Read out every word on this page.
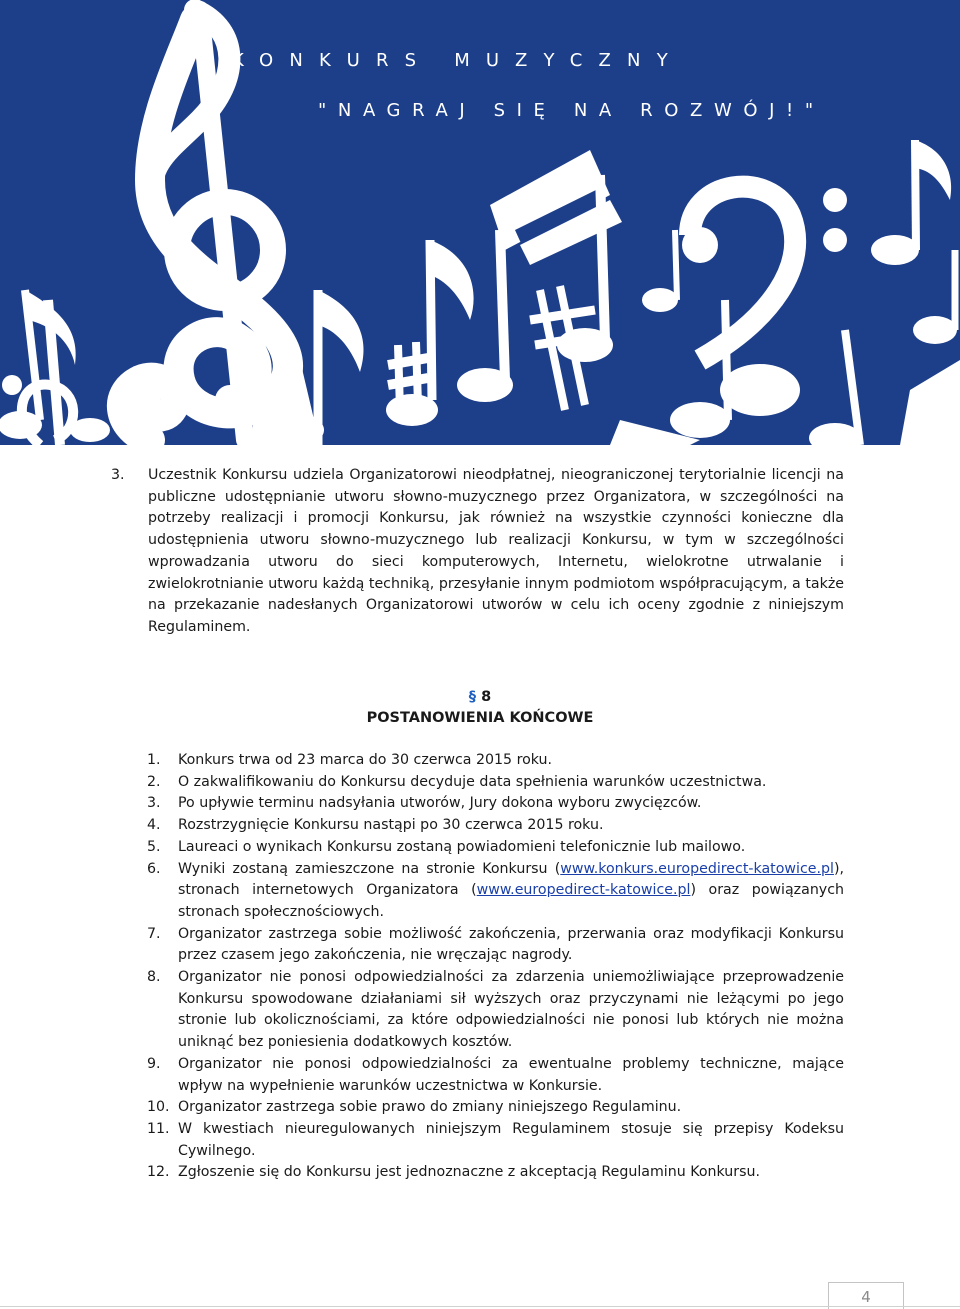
KONKURS MUZYCZNY
"NAGRAJ SIĘ NA ROZWÓJ!"
3. Uczestnik Konkursu udziela Organizatorowi nieodpłatnej, nieograniczonej terytorialnie licencji na publiczne udostępnianie utworu słowno-muzycznego przez Organizatora, w szczególności na potrzeby realizacji i promocji Konkursu, jak również na wszystkie czynności konieczne dla udostępnienia utworu słowno-muzycznego lub realizacji Konkursu, w tym w szczególności wprowadzania utworu do sieci komputerowych, Internetu, wielokrotne utrwalanie i zwielokrotnianie utworu każdą techniką, przesyłanie innym podmiotom współpracującym, a także na przekazanie nadesłanych Organizatorowi utworów w celu ich oceny zgodnie z niniejszym Regulaminem.
§ 8
POSTANOWIENIA KOŃCOWE
1.	Konkurs trwa od 23 marca do 30 czerwca 2015 roku.
2.	O zakwalifikowaniu do Konkursu decyduje data spełnienia warunków uczestnictwa.
3.	Po upływie terminu nadsyłania utworów, Jury dokona wyboru zwycięzców.
4.	Rozstrzygnięcie Konkursu nastąpi po 30 czerwca 2015 roku.
5.	Laureaci o wynikach Konkursu zostaną powiadomieni telefonicznie lub mailowo.
6.	Wyniki zostaną zamieszczone na stronie Konkursu (www.konkurs.europedirect-katowice.pl), stronach internetowych Organizatora (www.europedirect-katowice.pl) oraz powiązanych stronach społecznościowych.
7.	Organizator zastrzega sobie możliwość zakończenia, przerwania oraz modyfikacji Konkursu przez czasem jego zakończenia, nie wręczając nagrody.
8.	Organizator nie ponosi odpowiedzialności za zdarzenia uniemożliwiające przeprowadzenie Konkursu spowodowane działaniami sił wyższych oraz przyczynami nie leżącymi po jego stronie lub okolicznościami, za które odpowiedzialności nie ponosi lub których nie można uniknąć bez poniesienia dodatkowych kosztów.
9.	Organizator nie ponosi odpowiedzialności za ewentualne problemy techniczne, mające wpływ na wypełnienie warunków uczestnictwa w Konkursie.
10. Organizator zastrzega sobie prawo do zmiany niniejszego Regulaminu.
11. W kwestiach nieuregulowanych niniejszym Regulaminem stosuje się przepisy Kodeksu Cywilnego.
12. Zgłoszenie się do Konkursu jest jednoznaczne z akceptacją Regulaminu Konkursu.
4
